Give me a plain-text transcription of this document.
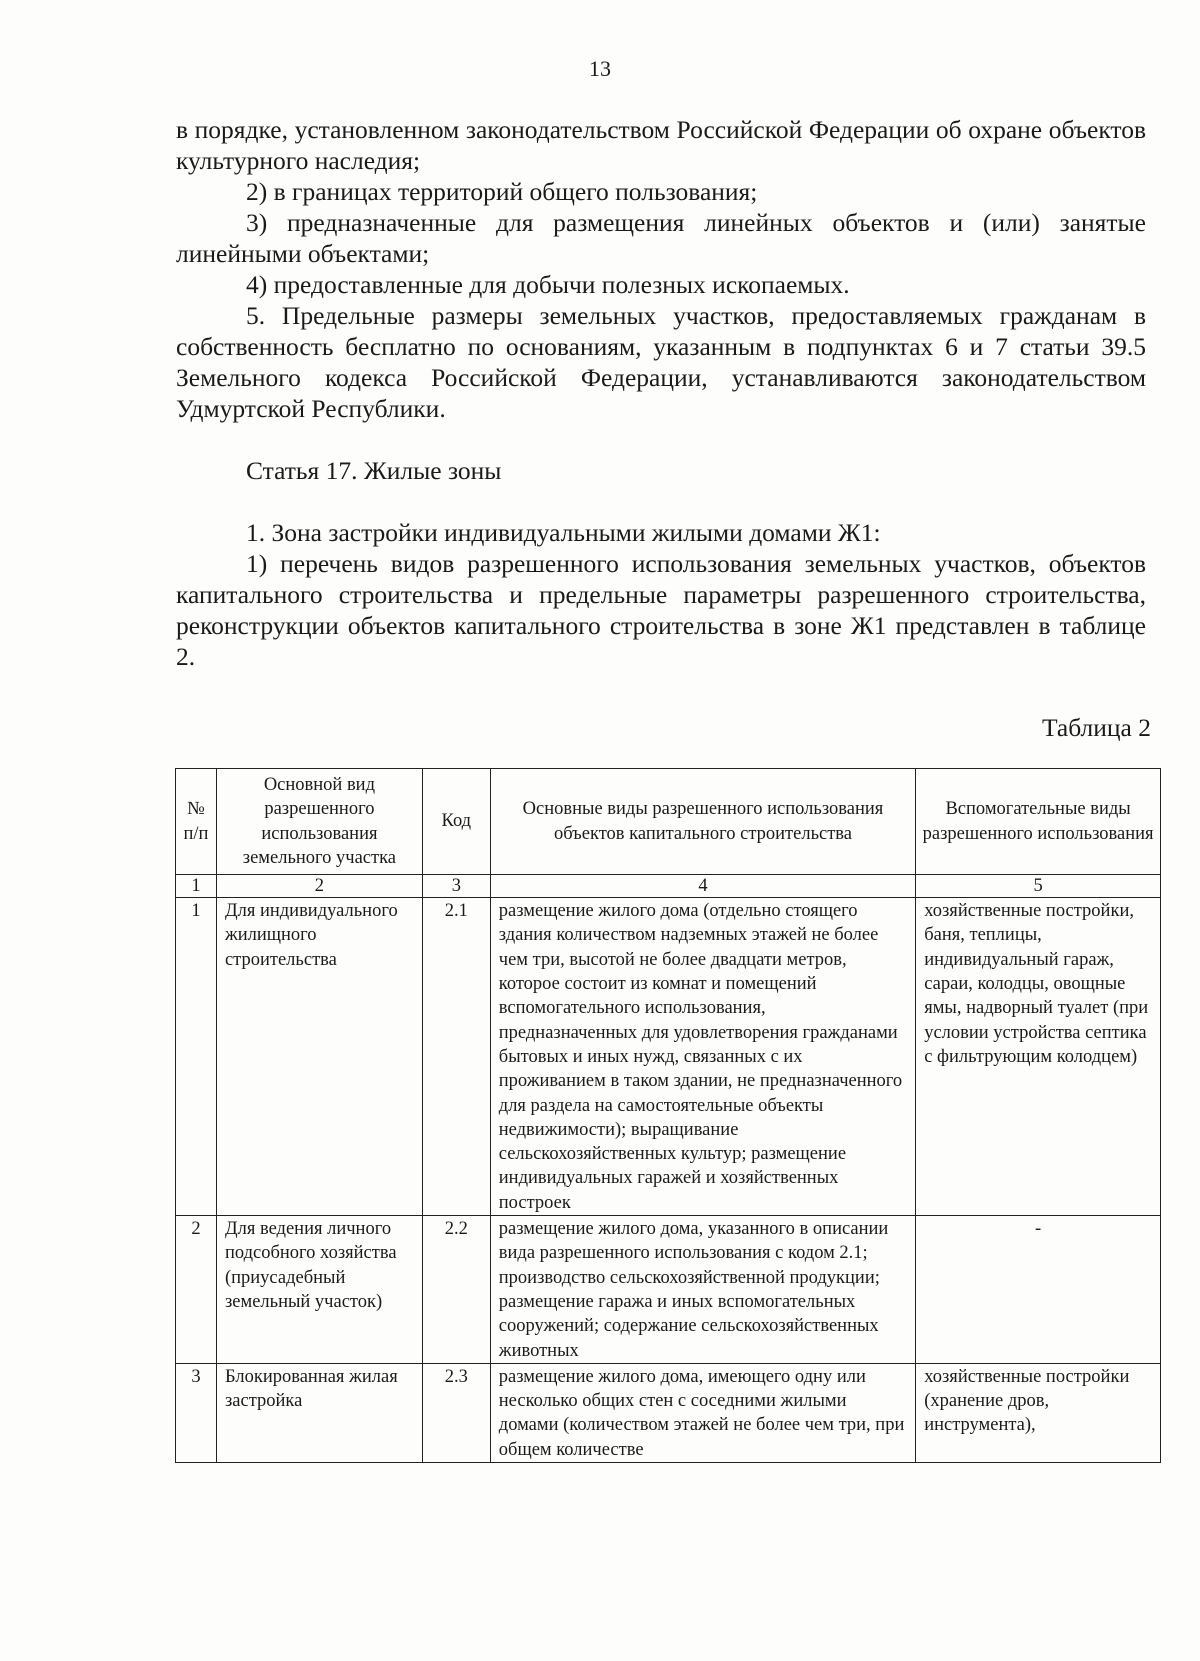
13

в порядке, установленном законодательством Российской Федерации об охране объектов культурного наследия;

2) в границах территорий общего пользования;

3) предназначенные для размещения линейных объектов и (или) занятые линейными объектами;

4) предоставленные для добычи полезных ископаемых.

5. Предельные размеры земельных участков, предоставляемых гражданам в собственность бесплатно по основаниям, указанным в подпунктах 6 и 7 статьи 39.5 Земельного кодекса Российской Федерации, устанавливаются законодательством Удмуртской Республики.

Статья 17. Жилые зоны

1. Зона застройки индивидуальными жилыми домами Ж1:

1) перечень видов разрешенного использования земельных участков, объектов капитального строительства и предельные параметры разрешенного строительства, реконструкции объектов капитального строительства в зоне Ж1 представлен в таблице 2.

Таблица 2
№ п/п	Основной вид разрешенного использования земельного участка	Код	Основные виды разрешенного использования объектов капитального строительства	Вспомогательные виды разрешенного использования
1	2	3	4	5
1	Для индивидуального жилищного строительства	2.1	размещение жилого дома (отдельно стоящего здания количеством надземных этажей не более чем три, высотой не более двадцати метров, которое состоит из комнат и помещений вспомогательного использования, предназначенных для удовлетворения гражданами бытовых и иных нужд, связанных с их проживанием в таком здании, не предназначенного для раздела на самостоятельные объекты недвижимости); выращивание сельскохозяйственных культур; размещение индивидуальных гаражей и хозяйственных построек	хозяйственные постройки, баня, теплицы, индивидуальный гараж, сараи, колодцы, овощные ямы, надворный туалет (при условии устройства септика с фильтрующим колодцем)
2	Для ведения личного подсобного хозяйства (приусадебный земельный участок)	2.2	размещение жилого дома, указанного в описании вида разрешенного использования с кодом 2.1; производство сельскохозяйственной продукции; размещение гаража и иных вспомогательных сооружений; содержание сельскохозяйственных животных	-
3	Блокированная жилая застройка	2.3	размещение жилого дома, имеющего одну или несколько общих стен с соседними жилыми домами (количеством этажей не более чем три, при общем количестве	хозяйственные постройки (хранение дров, инструмента),
